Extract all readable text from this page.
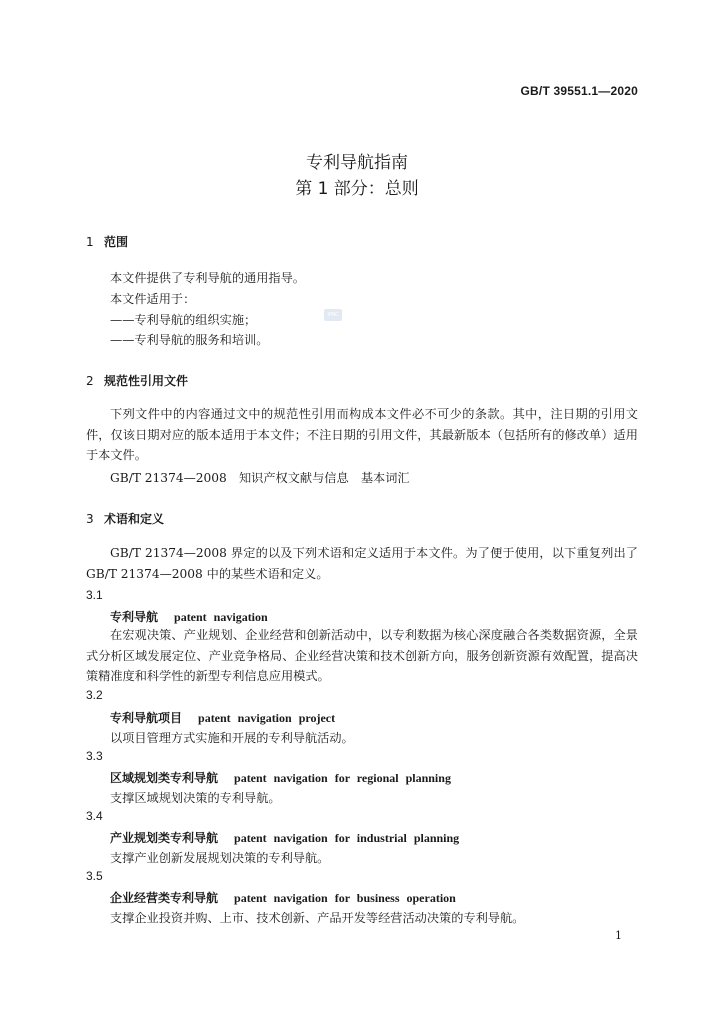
GB/T 39551.1—2020
专利导航指南
第 1 部分：总则
IPRC
1 范围
本文件提供了专利导航的通用指导。
本文件适用于：
——专利导航的组织实施；
——专利导航的服务和培训。
2 规范性引用文件
下列文件中的内容通过文中的规范性引用而构成本文件必不可少的条款。其中，注日期的引用文件，仅该日期对应的版本适用于本文件；不注日期的引用文件，其最新版本（包括所有的修改单）适用于本文件。
GB/T 21374—2008　知识产权文献与信息　基本词汇
3 术语和定义
GB/T 21374—2008 界定的以及下列术语和定义适用于本文件。为了便于使用，以下重复列出了 GB/T 21374—2008 中的某些术语和定义。
3.1
专利导航 patent navigation
在宏观决策、产业规划、企业经营和创新活动中，以专利数据为核心深度融合各类数据资源，全景式分析区域发展定位、产业竞争格局、企业经营决策和技术创新方向，服务创新资源有效配置，提高决策精准度和科学性的新型专利信息应用模式。
3.2
专利导航项目 patent navigation project
以项目管理方式实施和开展的专利导航活动。
3.3
区域规划类专利导航 patent navigation for regional planning
支撑区域规划决策的专利导航。
3.4
产业规划类专利导航 patent navigation for industrial planning
支撑产业创新发展规划决策的专利导航。
3.5
企业经营类专利导航 patent navigation for business operation
支撑企业投资并购、上市、技术创新、产品开发等经营活动决策的专利导航。
1
